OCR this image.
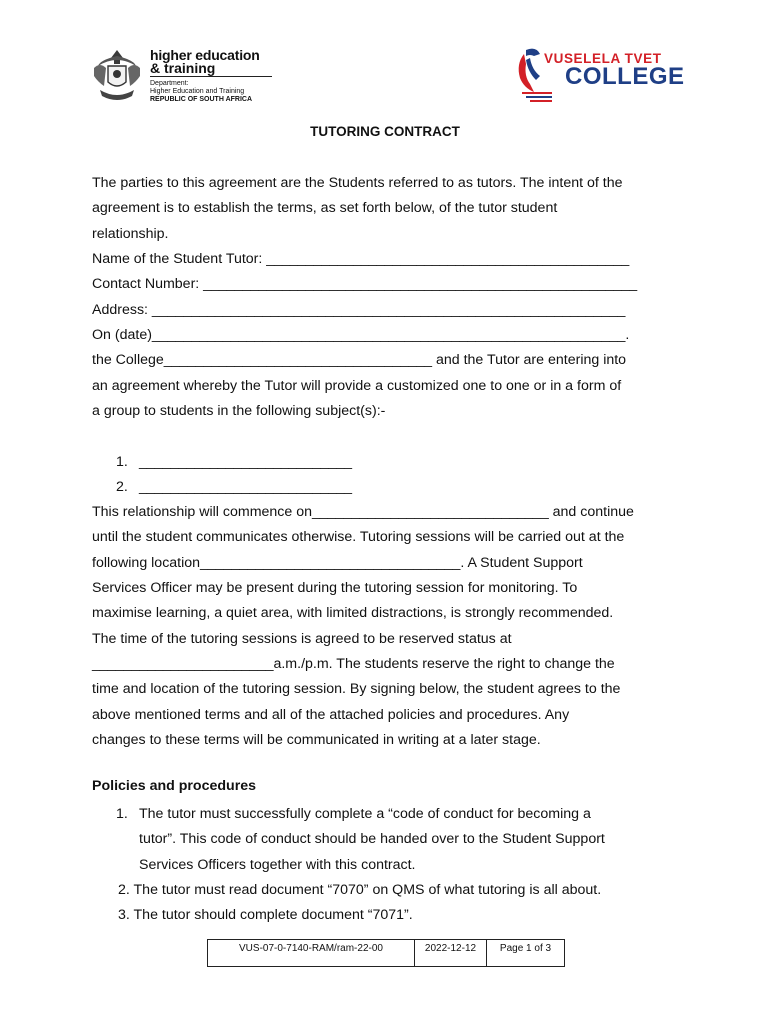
higher education
& training
Department:
Higher Education and Training
REPUBLIC OF SOUTH AFRICA
VUSELELA TVET
COLLEGE
TUTORING CONTRACT
The parties to this agreement are the Students referred to as tutors. The intent of the
agreement is to establish the terms, as set forth below, of the tutor student
relationship.
Name of the Student Tutor: ______________________________________________
Contact Number: _______________________________________________________
Address: ____________________________________________________________
On (date)____________________________________________________________.
the College__________________________________ and the Tutor are entering into
an agreement whereby the Tutor will provide a customized one to one or in a form of
a group to students in the following subject(s):-
1. ___________________________
2. ___________________________
This relationship will commence on______________________________ and continue
until the student communicates otherwise. Tutoring sessions will be carried out at the
following location_________________________________. A Student Support
Services Officer may be present during the tutoring session for monitoring. To
maximise learning, a quiet area, with limited distractions, is strongly recommended.
The time of the tutoring sessions is agreed to be reserved status at
_______________________a.m./p.m. The students reserve the right to change the
time and location of the tutoring session. By signing below, the student agrees to the
above mentioned terms and all of the attached policies and procedures. Any
changes to these terms will be communicated in writing at a later stage.
Policies and procedures
1. The tutor must successfully complete a “code of conduct for becoming a
tutor”. This code of conduct should be handed over to the Student Support
Services Officers together with this contract.
2. The tutor must read document “7070” on QMS of what tutoring is all about.
3. The tutor should complete document “7071”.
VUS-07-0-7140-RAM/ram-22-00	2022-12-12	Page 1 of 3
